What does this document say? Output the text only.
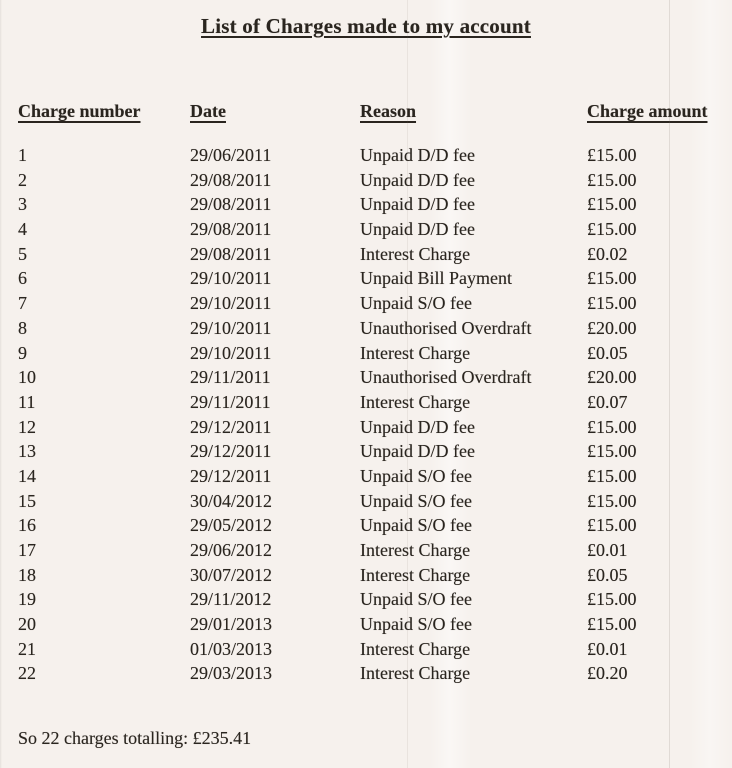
List of Charges made to my account
Charge number	Date	Reason	Charge amount
1	29/06/2011	Unpaid D/D fee	£15.00
2	29/08/2011	Unpaid D/D fee	£15.00
3	29/08/2011	Unpaid D/D fee	£15.00
4	29/08/2011	Unpaid D/D fee	£15.00
5	29/08/2011	Interest Charge	£0.02
6	29/10/2011	Unpaid Bill Payment	£15.00
7	29/10/2011	Unpaid S/O fee	£15.00
8	29/10/2011	Unauthorised Overdraft	£20.00
9	29/10/2011	Interest Charge	£0.05
10	29/11/2011	Unauthorised Overdraft	£20.00
11	29/11/2011	Interest Charge	£0.07
12	29/12/2011	Unpaid D/D fee	£15.00
13	29/12/2011	Unpaid D/D fee	£15.00
14	29/12/2011	Unpaid S/O fee	£15.00
15	30/04/2012	Unpaid S/O fee	£15.00
16	29/05/2012	Unpaid S/O fee	£15.00
17	29/06/2012	Interest Charge	£0.01
18	30/07/2012	Interest Charge	£0.05
19	29/11/2012	Unpaid S/O fee	£15.00
20	29/01/2013	Unpaid S/O fee	£15.00
21	01/03/2013	Interest Charge	£0.01
22	29/03/2013	Interest Charge	£0.20

So 22 charges totalling: £235.41
